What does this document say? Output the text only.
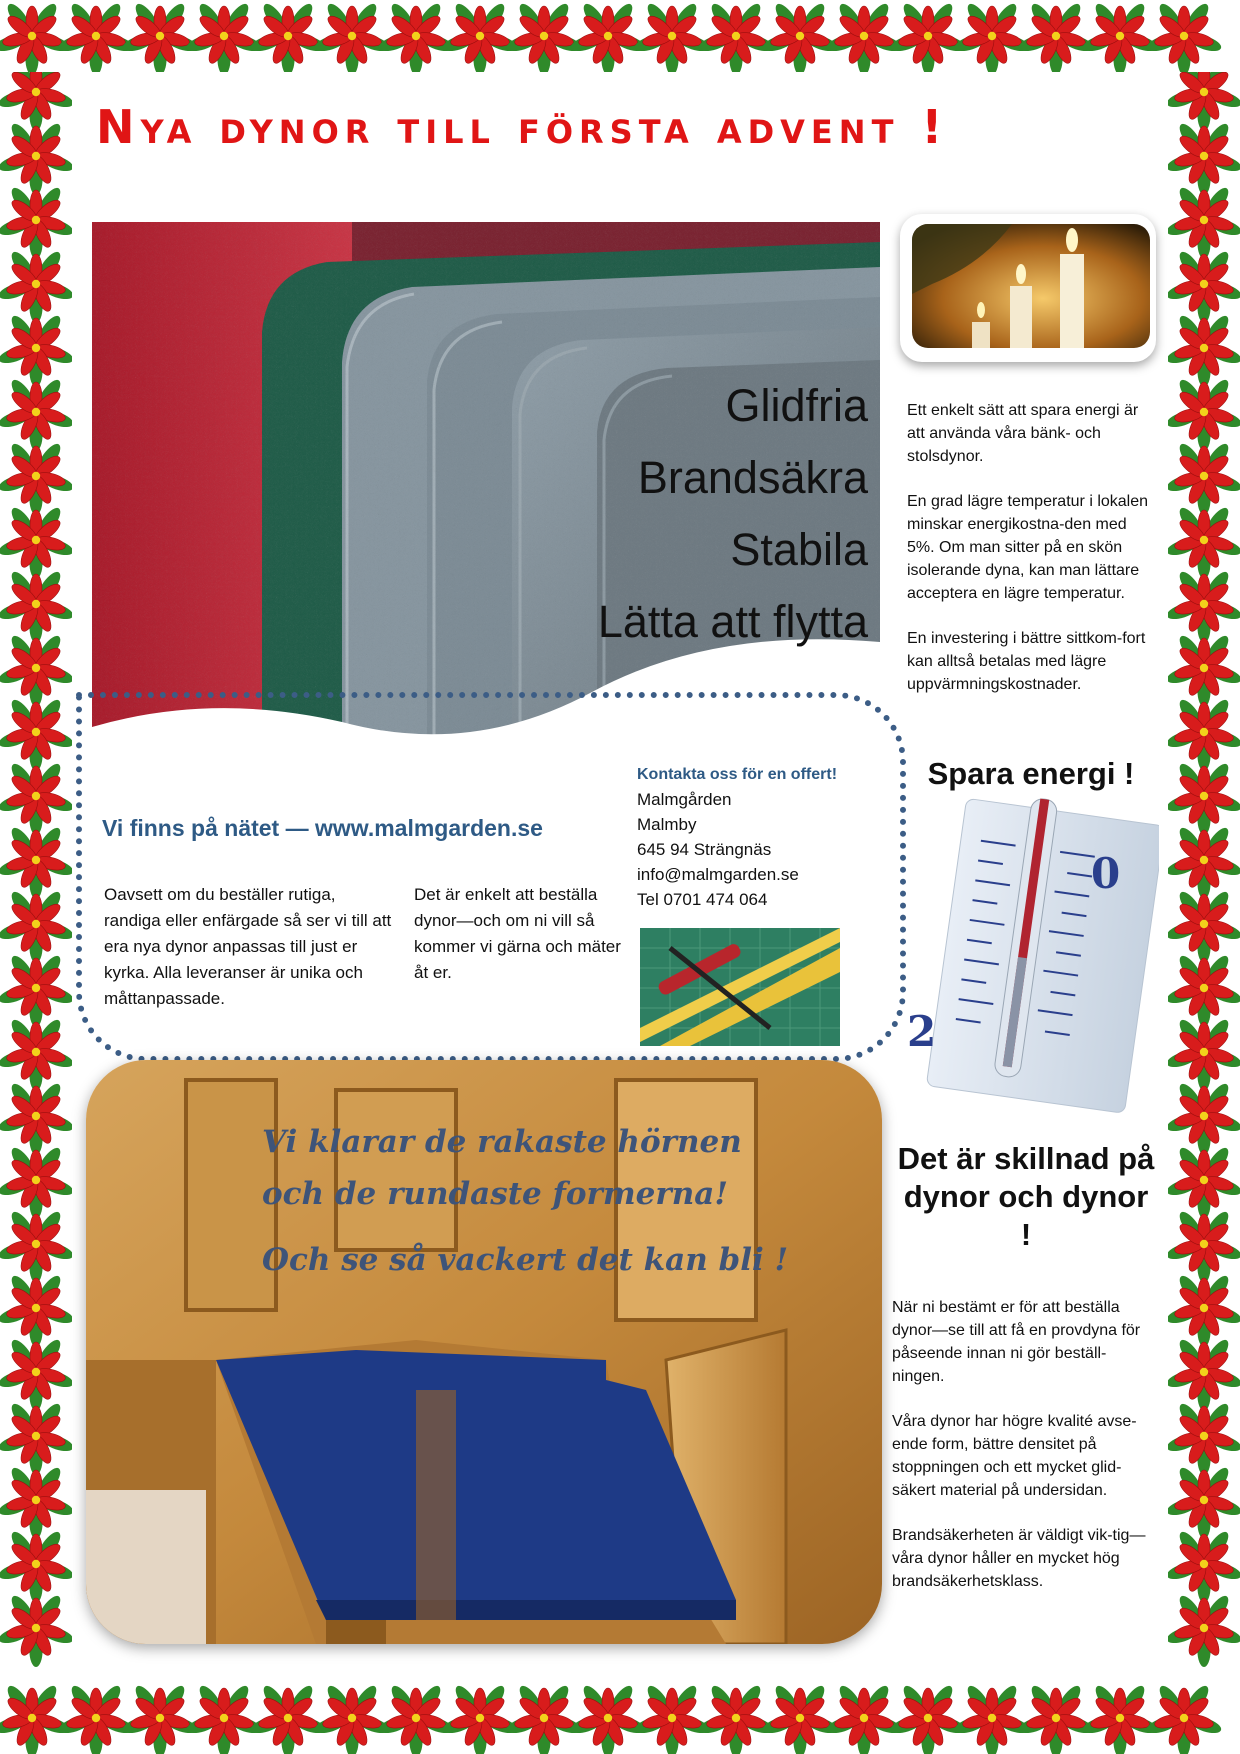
Nya dynor till första advent !
Glidfria
Brandsäkra
Stabila
Lätta att flytta

Ett enkelt sätt att spara energi är att använda våra bänk- och stolsdynor.

En grad lägre temperatur i lokalen minskar energikostna-den med 5%. Om man sitter på en skön isolerande dyna, kan man lättare acceptera en lägre temperatur.

En investering i bättre sittkom-fort kan alltså betalas med lägre uppvärmningskostnader.

Spara energi !
0
2
Vi finns på nätet — www.malmgarden.se
Oavsett om du beställer rutiga, randiga eller enfärgade så ser vi till att era nya dynor anpassas till just er kyrka. Alla leveranser är unika och måttanpassade.
Det är enkelt att beställa dynor—och om ni vill så kommer vi gärna och mäter åt er.
Kontakta oss för en offert!
Malmgården
Malmby
645 94 Strängnäs
info@malmgarden.se
Tel 0701 474 064
Vi klarar de rakaste hörnen
och de rundaste formerna!
Och se så vackert det kan bli !
Det är skillnad på dynor och dynor !

När ni bestämt er för att beställa dynor—se till att få en provdyna för påseende innan ni gör beställ-ningen.

Våra dynor har högre kvalité avse-ende form, bättre densitet på stoppningen och ett mycket glid-säkert material på undersidan.

Brandsäkerheten är väldigt vik-tig— våra dynor håller en mycket hög brandsäkerhetsklass.
